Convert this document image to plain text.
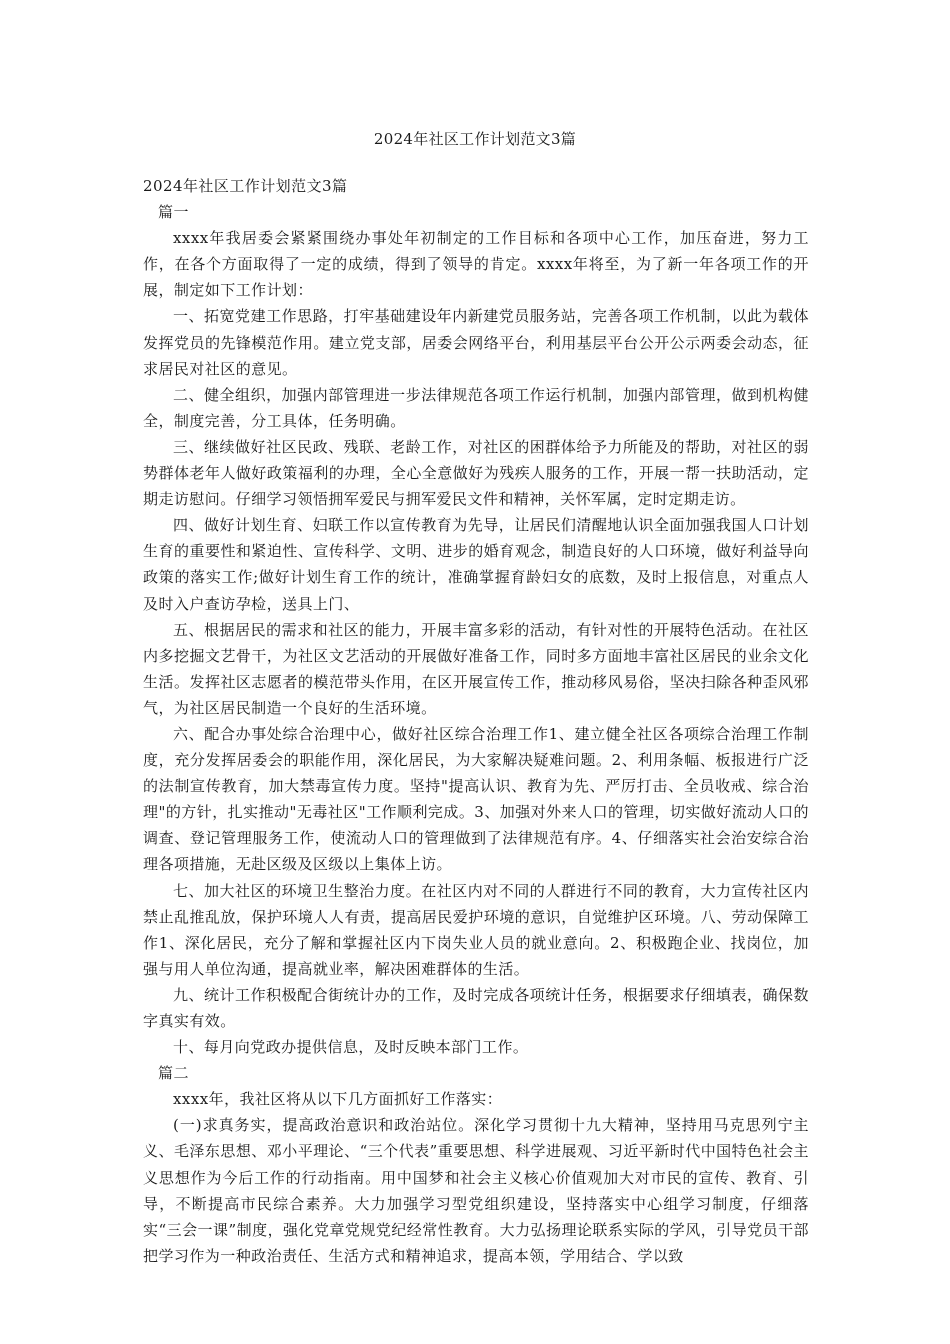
2024年社区工作计划范文3篇

2024年社区工作计划范文3篇

篇一

xxxx年我居委会紧紧围绕办事处年初制定的工作目标和各项中心工作，加压奋进，努力工作，在各个方面取得了一定的成绩，得到了领导的肯定。xxxx年将至，为了新一年各项工作的开展，制定如下工作计划：

一、拓宽党建工作思路，打牢基础建设年内新建党员服务站，完善各项工作机制，以此为载体发挥党员的先锋模范作用。建立党支部，居委会网络平台，利用基层平台公开公示两委会动态，征求居民对社区的意见。

二、健全组织，加强内部管理进一步法律规范各项工作运行机制，加强内部管理，做到机构健全，制度完善，分工具体，任务明确。

三、继续做好社区民政、残联、老龄工作，对社区的困群体给予力所能及的帮助，对社区的弱势群体老年人做好政策福利的办理，全心全意做好为残疾人服务的工作，开展一帮一扶助活动，定期走访慰问。仔细学习领悟拥军爱民与拥军爱民文件和精神，关怀军属，定时定期走访。

四、做好计划生育、妇联工作以宣传教育为先导，让居民们清醒地认识全面加强我国人口计划生育的重要性和紧迫性、宣传科学、文明、进步的婚育观念，制造良好的人口环境，做好利益导向政策的落实工作;做好计划生育工作的统计，准确掌握育龄妇女的底数，及时上报信息，对重点人及时入户查访孕检，送具上门、

五、根据居民的需求和社区的能力，开展丰富多彩的活动，有针对性的开展特色活动。在社区内多挖掘文艺骨干，为社区文艺活动的开展做好准备工作，同时多方面地丰富社区居民的业余文化生活。发挥社区志愿者的模范带头作用，在区开展宣传工作，推动移风易俗，坚决扫除各种歪风邪气，为社区居民制造一个良好的生活环境。

六、配合办事处综合治理中心，做好社区综合治理工作1、建立健全社区各项综合治理工作制度，充分发挥居委会的职能作用，深化居民，为大家解决疑难问题。2、利用条幅、板报进行广泛的法制宣传教育，加大禁毒宣传力度。坚持"提高认识、教育为先、严厉打击、全员收戒、综合治理"的方针，扎实推动"无毒社区"工作顺利完成。3、加强对外来人口的管理，切实做好流动人口的调查、登记管理服务工作，使流动人口的管理做到了法律规范有序。4、仔细落实社会治安综合治理各项措施，无赴区级及区级以上集体上访。

七、加大社区的环境卫生整治力度。在社区内对不同的人群进行不同的教育，大力宣传社区内禁止乱推乱放，保护环境人人有责，提高居民爱护环境的意识，自觉维护区环境。八、劳动保障工作1、深化居民，充分了解和掌握社区内下岗失业人员的就业意向。2、积极跑企业、找岗位，加强与用人单位沟通，提高就业率，解决困难群体的生活。

九、统计工作积极配合街统计办的工作，及时完成各项统计任务，根据要求仔细填表，确保数字真实有效。

十、每月向党政办提供信息，及时反映本部门工作。

篇二

xxxx年，我社区将从以下几方面抓好工作落实：

(一)求真务实，提高政治意识和政治站位。深化学习贯彻十九大精神，坚持用马克思列宁主义、毛泽东思想、邓小平理论、“三个代表”重要思想、科学进展观、习近平新时代中国特色社会主义思想作为今后工作的行动指南。用中国梦和社会主义核心价值观加大对市民的宣传、教育、引导，不断提高市民综合素养。大力加强学习型党组织建设，坚持落实中心组学习制度，仔细落实“三会一课”制度，强化党章党规党纪经常性教育。大力弘扬理论联系实际的学风，引导党员干部把学习作为一种政治责任、生活方式和精神追求，提高本领，学用结合、学以致
